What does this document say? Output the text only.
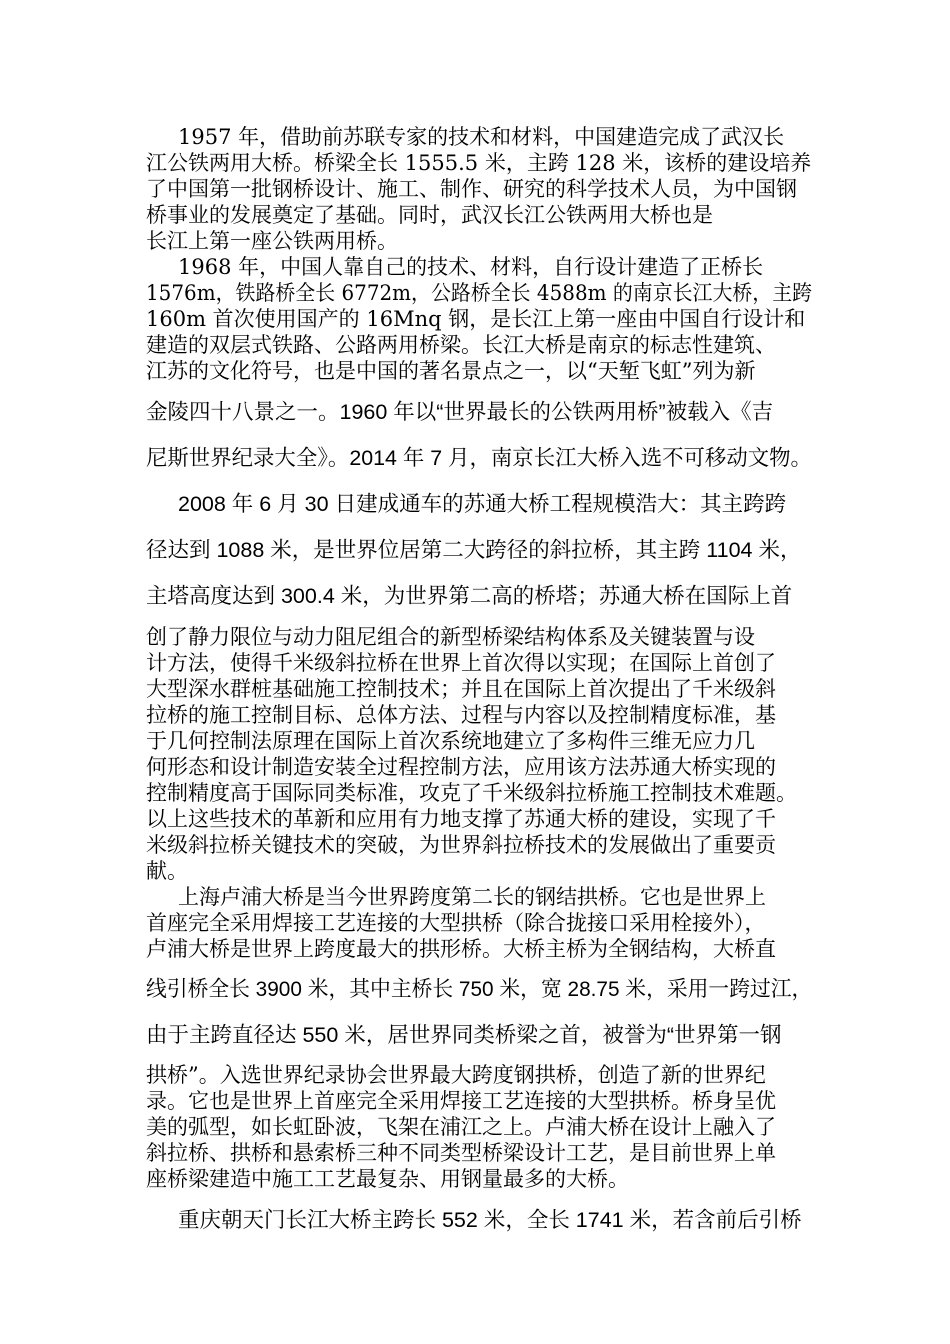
1957 年，借助前苏联专家的技术和材料，中国建造完成了武汉长
江公铁两用大桥。桥梁全长 1555.5 米，主跨 128 米，该桥的建设培养
了中国第一批钢桥设计、施工、制作、研究的科学技术人员，为中国钢
桥事业的发展奠定了基础。同时，武汉长江公铁两用大桥也是
长江上第一座公铁两用桥。
1968 年，中国人靠自己的技术、材料，自行设计建造了正桥长
1576m，铁路桥全长 6772m，公路桥全长 4588m 的南京长江大桥，主跨
160m 首次使用国产的 16Mnq 钢，是长江上第一座由中国自行设计和
建造的双层式铁路、公路两用桥梁。长江大桥是南京的标志性建筑、
江苏的文化符号，也是中国的著名景点之一，以“天堑飞虹”列为新
金陵四十八景之一。1960 年以“世界最长的公铁两用桥”被载入《吉
尼斯世界纪录大全》。2014 年 7 月，南京长江大桥入选不可移动文物。
2008 年 6 月 30 日建成通车的苏通大桥工程规模浩大：其主跨跨
径达到 1088 米，是世界位居第二大跨径的斜拉桥，其主跨 1104 米，
主塔高度达到 300.4 米，为世界第二高的桥塔；苏通大桥在国际上首
创了静力限位与动力阻尼组合的新型桥梁结构体系及关键装置与设
计方法，使得千米级斜拉桥在世界上首次得以实现；在国际上首创了
大型深水群桩基础施工控制技术；并且在国际上首次提出了千米级斜
拉桥的施工控制目标、总体方法、过程与内容以及控制精度标准，基
于几何控制法原理在国际上首次系统地建立了多构件三维无应力几
何形态和设计制造安装全过程控制方法，应用该方法苏通大桥实现的
控制精度高于国际同类标准，攻克了千米级斜拉桥施工控制技术难题。
以上这些技术的革新和应用有力地支撑了苏通大桥的建设，实现了千
米级斜拉桥关键技术的突破，为世界斜拉桥技术的发展做出了重要贡
献。
上海卢浦大桥是当今世界跨度第二长的钢结拱桥。它也是世界上
首座完全采用焊接工艺连接的大型拱桥（除合拢接口采用栓接外），
卢浦大桥是世界上跨度最大的拱形桥。大桥主桥为全钢结构，大桥直
线引桥全长 3900 米，其中主桥长 750 米，宽 28.75 米，采用一跨过江，
由于主跨直径达 550 米，居世界同类桥梁之首，被誉为“世界第一钢
拱桥”。入选世界纪录协会世界最大跨度钢拱桥，创造了新的世界纪
录。它也是世界上首座完全采用焊接工艺连接的大型拱桥。桥身呈优
美的弧型，如长虹卧波，飞架在浦江之上。卢浦大桥在设计上融入了
斜拉桥、拱桥和悬索桥三种不同类型桥梁设计工艺，是目前世界上单
座桥梁建造中施工工艺最复杂、用钢量最多的大桥。
重庆朝天门长江大桥主跨长 552 米，全长 1741 米，若含前后引桥
